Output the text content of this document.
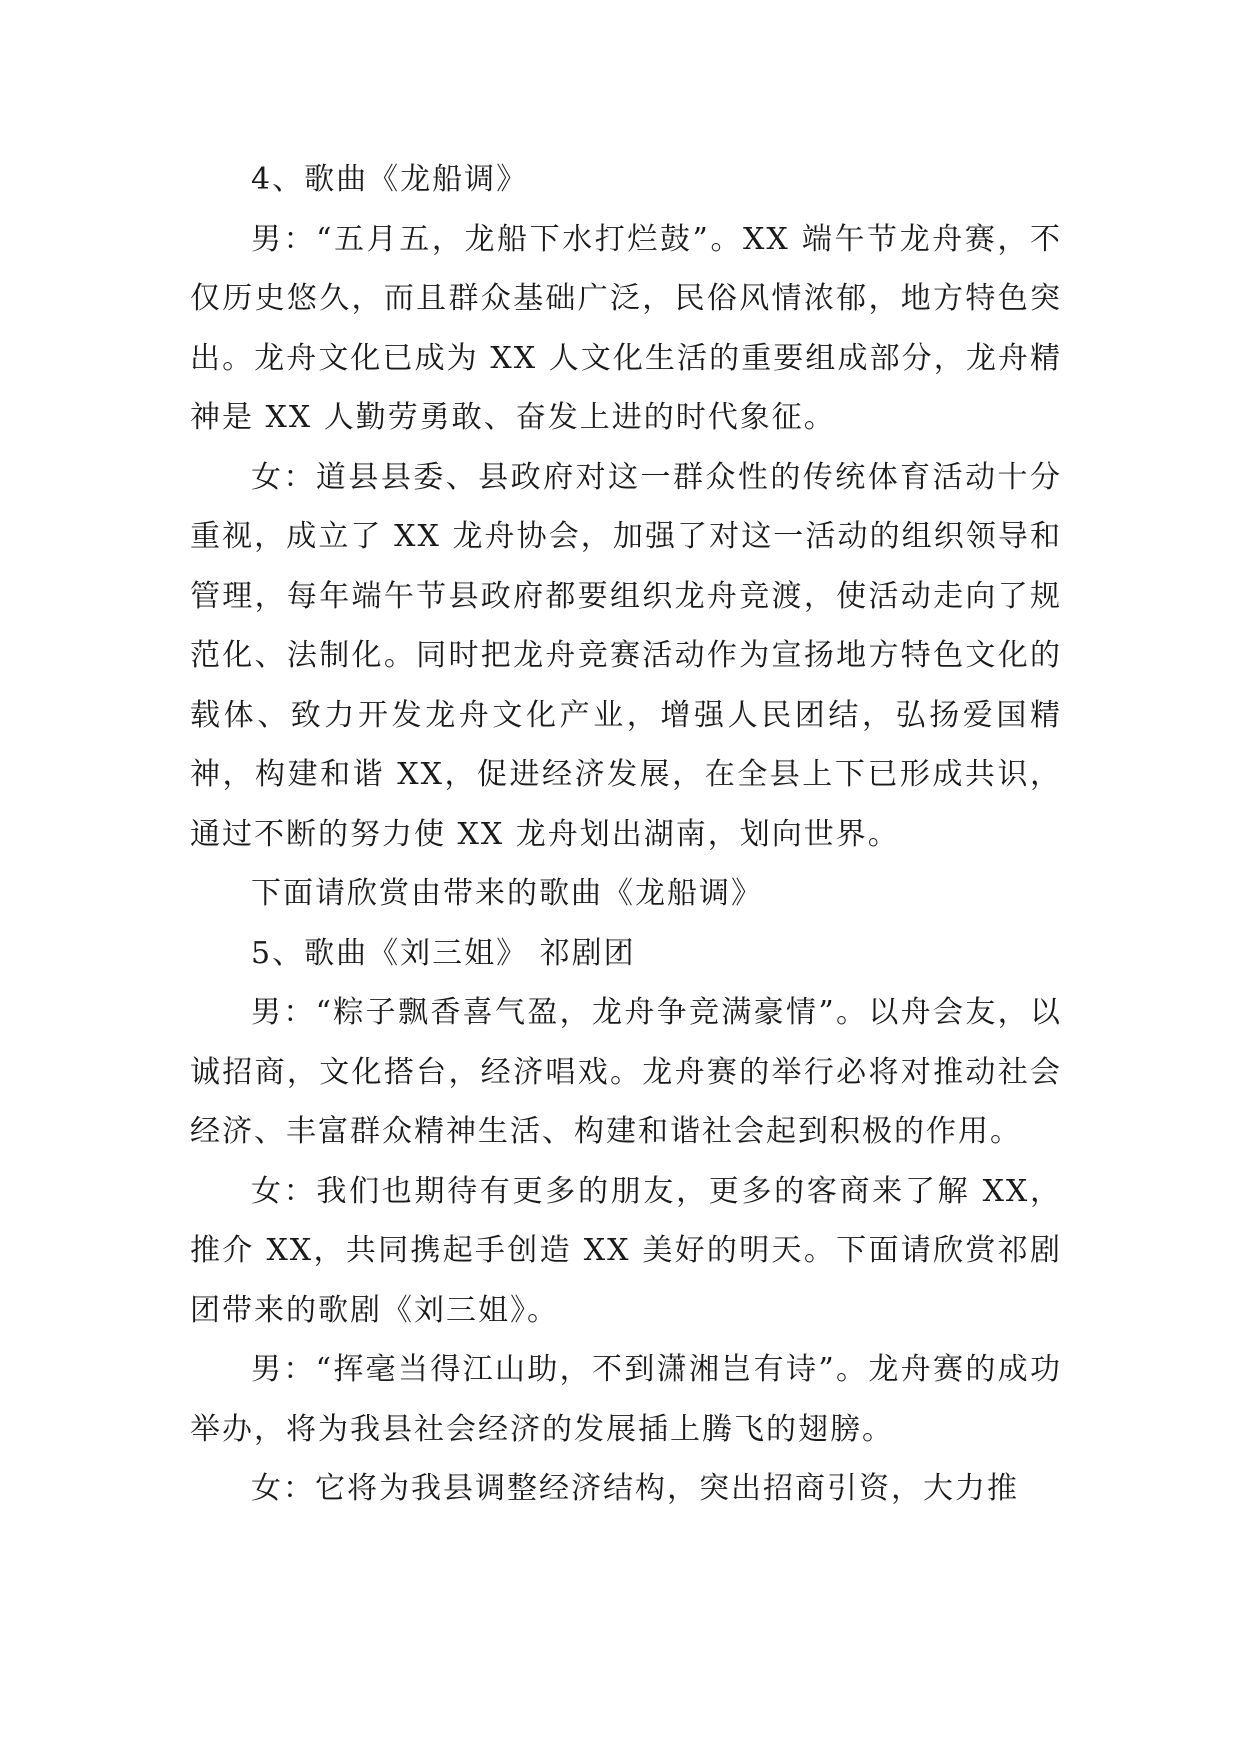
4、歌曲《龙船调》

男：“五月五，龙船下水打烂鼓”。XX 端午节龙舟赛，不仅历史悠久，而且群众基础广泛，民俗风情浓郁，地方特色突出。龙舟文化已成为 XX 人文化生活的重要组成部分，龙舟精神是 XX 人勤劳勇敢、奋发上进的时代象征。

女：道县县委、县政府对这一群众性的传统体育活动十分重视，成立了 XX 龙舟协会，加强了对这一活动的组织领导和管理，每年端午节县政府都要组织龙舟竞渡，使活动走向了规范化、法制化。同时把龙舟竞赛活动作为宣扬地方特色文化的载体、致力开发龙舟文化产业，增强人民团结，弘扬爱国精神，构建和谐 XX，促进经济发展，在全县上下已形成共识，通过不断的努力使 XX 龙舟划出湖南，划向世界。

下面请欣赏由带来的歌曲《龙船调》

5、歌曲《刘三姐》 祁剧团

男：“粽子飘香喜气盈，龙舟争竞满豪情”。以舟会友，以诚招商，文化搭台，经济唱戏。龙舟赛的举行必将对推动社会经济、丰富群众精神生活、构建和谐社会起到积极的作用。

女：我们也期待有更多的朋友，更多的客商来了解 XX，推介 XX，共同携起手创造 XX 美好的明天。下面请欣赏祁剧团带来的歌剧《刘三姐》。

男：“挥毫当得江山助，不到潇湘岂有诗”。龙舟赛的成功举办，将为我县社会经济的发展插上腾飞的翅膀。

女：它将为我县调整经济结构，突出招商引资，大力推
